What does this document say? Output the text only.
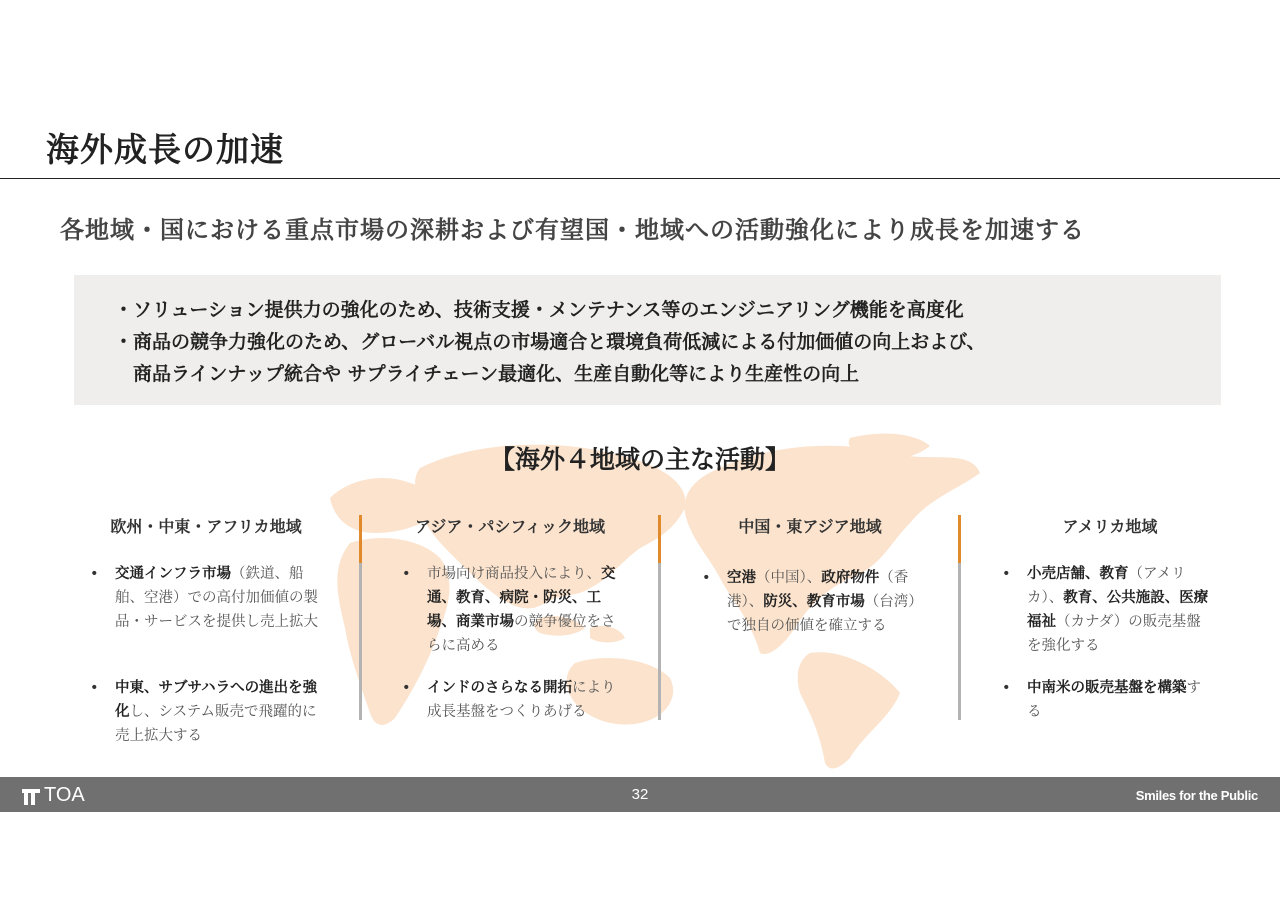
海外成長の加速
各地域・国における重点市場の深耕および有望国・地域への活動強化により成長を加速する
・ソリューション提供力の強化のため、技術支援・メンテナンス等のエンジニアリング機能を高度化
・商品の競争力強化のため、グローバル視点の市場適合と環境負荷低減による付加価値の向上および、
　商品ラインナップ統合や サプライチェーン最適化、生産自動化等により生産性の向上
【海外４地域の主な活動】
欧州・中東・アフリカ地域
• 交通インフラ市場（鉄道、船舶、空港）での高付加価値の製品・サービスを提供し売上拡大
• 中東、サブサハラへの進出を強化し、システム販売で飛躍的に売上拡大する
アジア・パシフィック地域
• 市場向け商品投入により、交通、教育、病院・防災、工場、商業市場の競争優位をさらに高める
• インドのさらなる開拓により成長基盤をつくりあげる
中国・東アジア地域
• 空港（中国）、政府物件（香港）、防災、教育市場（台湾）で独自の価値を確立する
アメリカ地域
• 小売店舗、教育（アメリカ）、教育、公共施設、医療福祉（カナダ）の販売基盤を強化する
• 中南米の販売基盤を構築する
TOA	32	Smiles for the Public
